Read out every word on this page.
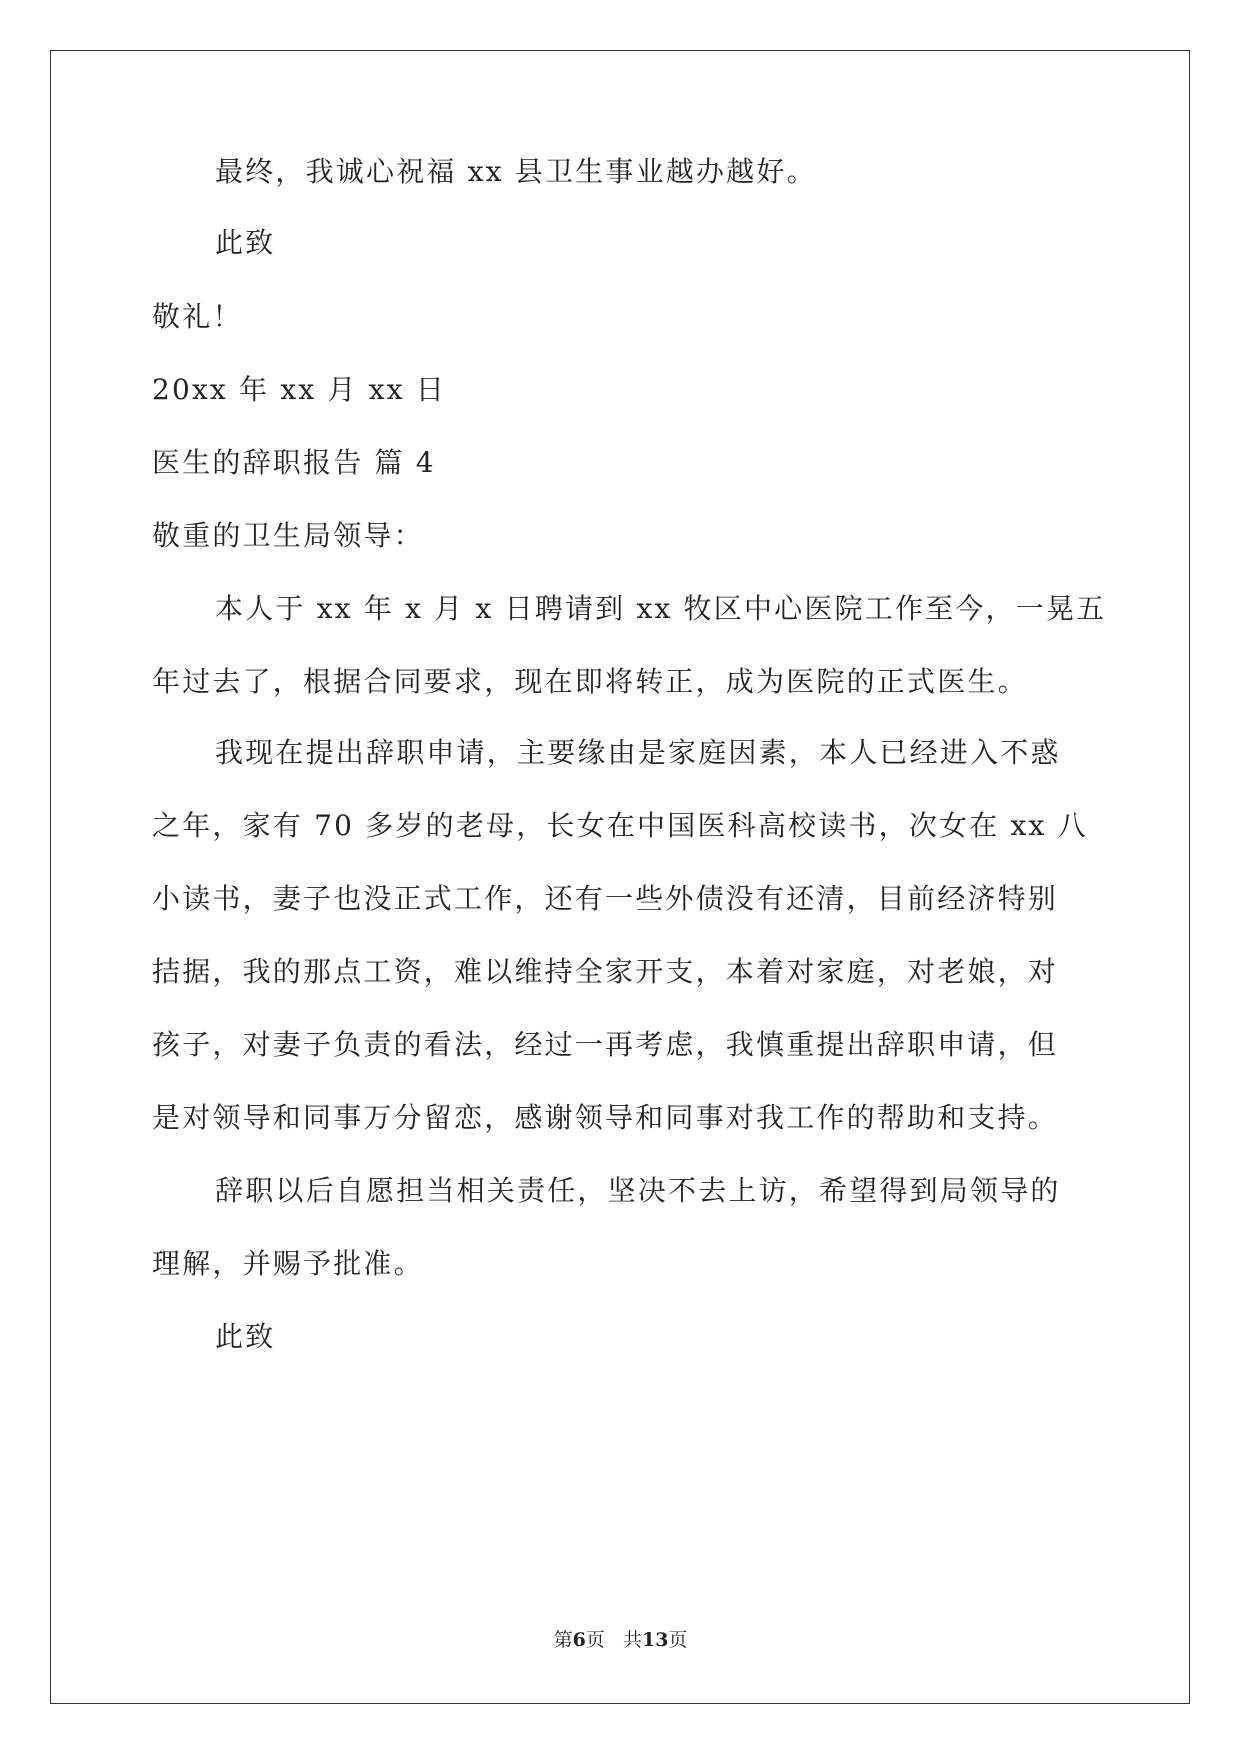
最终，我诚心祝福 xx 县卫生事业越办越好。
此致
敬礼！
20xx 年 xx 月 xx 日
医生的辞职报告 篇 4
敬重的卫生局领导：
本人于 xx 年 x 月 x 日聘请到 xx 牧区中心医院工作至今，一晃五
年过去了，根据合同要求，现在即将转正，成为医院的正式医生。
我现在提出辞职申请，主要缘由是家庭因素，本人已经进入不惑
之年，家有 70 多岁的老母，长女在中国医科高校读书，次女在 xx 八
小读书，妻子也没正式工作，还有一些外债没有还清，目前经济特别
拮据，我的那点工资，难以维持全家开支，本着对家庭，对老娘，对
孩子，对妻子负责的看法，经过一再考虑，我慎重提出辞职申请，但
是对领导和同事万分留恋，感谢领导和同事对我工作的帮助和支持。
辞职以后自愿担当相关责任，坚决不去上访，希望得到局领导的
理解，并赐予批准。
此致
第6页 共13页
